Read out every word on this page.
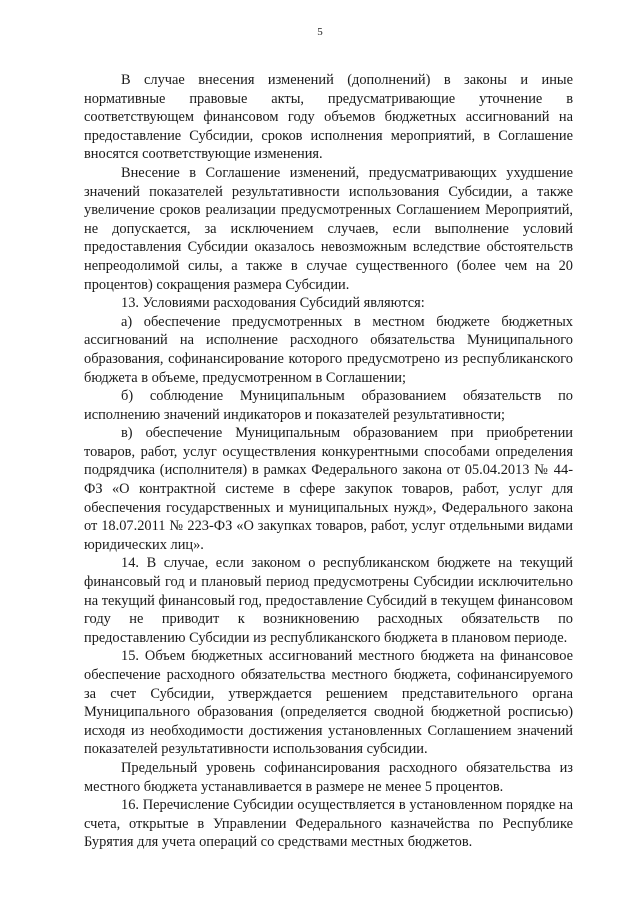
5

В случае внесения изменений (дополнений) в законы и иные нормативные правовые акты, предусматривающие уточнение в соответствующем финансовом году объемов бюджетных ассигнований на предоставление Субсидии, сроков исполнения мероприятий, в Соглашение вносятся соответствующие изменения.

Внесение в Соглашение изменений, предусматривающих ухудшение значений показателей результативности использования Субсидии, а также увеличение сроков реализации предусмотренных Соглашением Мероприятий, не допускается, за исключением случаев, если выполнение условий предоставления Субсидии оказалось невозможным вследствие обстоятельств непреодолимой силы, а также в случае существенного (более чем на 20 процентов) сокращения размера Субсидии.

13. Условиями расходования Субсидий являются:

а) обеспечение предусмотренных в местном бюджете бюджетных ассигнований на исполнение расходного обязательства Муниципального образования, софинансирование которого предусмотрено из республиканского бюджета в объеме, предусмотренном в Соглашении;

б) соблюдение Муниципальным образованием обязательств по исполнению значений индикаторов и показателей результативности;

в) обеспечение Муниципальным образованием при приобретении товаров, работ, услуг осуществления конкурентными способами определения подрядчика (исполнителя) в рамках Федерального закона от 05.04.2013 № 44-ФЗ «О контрактной системе в сфере закупок товаров, работ, услуг для обеспечения государственных и муниципальных нужд», Федерального закона от 18.07.2011 № 223-ФЗ «О закупках товаров, работ, услуг отдельными видами юридических лиц».

14. В случае, если законом о республиканском бюджете на текущий финансовый год и плановый период предусмотрены Субсидии исключительно на текущий финансовый год, предоставление Субсидий в текущем финансовом году не приводит к возникновению расходных обязательств по предоставлению Субсидии из республиканского бюджета в плановом периоде.

15. Объем бюджетных ассигнований местного бюджета на финансовое обеспечение расходного обязательства местного бюджета, софинансируемого за счет Субсидии, утверждается решением представительного органа Муниципального образования (определяется сводной бюджетной росписью) исходя из необходимости достижения установленных Соглашением значений показателей результативности использования субсидии.

Предельный уровень софинансирования расходного обязательства из местного бюджета устанавливается в размере не менее 5 процентов.

16. Перечисление Субсидии осуществляется в установленном порядке на счета, открытые в Управлении Федерального казначейства по Республике Бурятия для учета операций со средствами местных бюджетов.
